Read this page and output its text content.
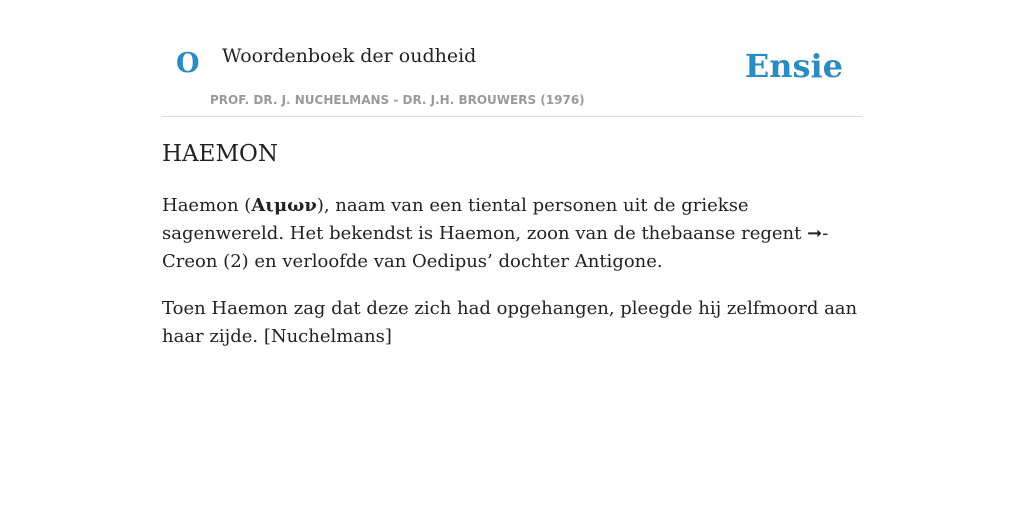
O Woordenboek der oudheid
PROF. DR. J. NUCHELMANS - DR. J.H. BROUWERS (1976)
Ensie
HAEMON

Haemon (Αιμων), naam van een tiental personen uit de griekse sagenwereld. Het bekendst is Haemon, zoon van de thebaanse regent ➞- Creon (2) en verloofde van Oedipus’ dochter Antigone.

Toen Haemon zag dat deze zich had opgehangen, pleegde hij zelfmoord aan haar zijde. [Nuchelmans]
